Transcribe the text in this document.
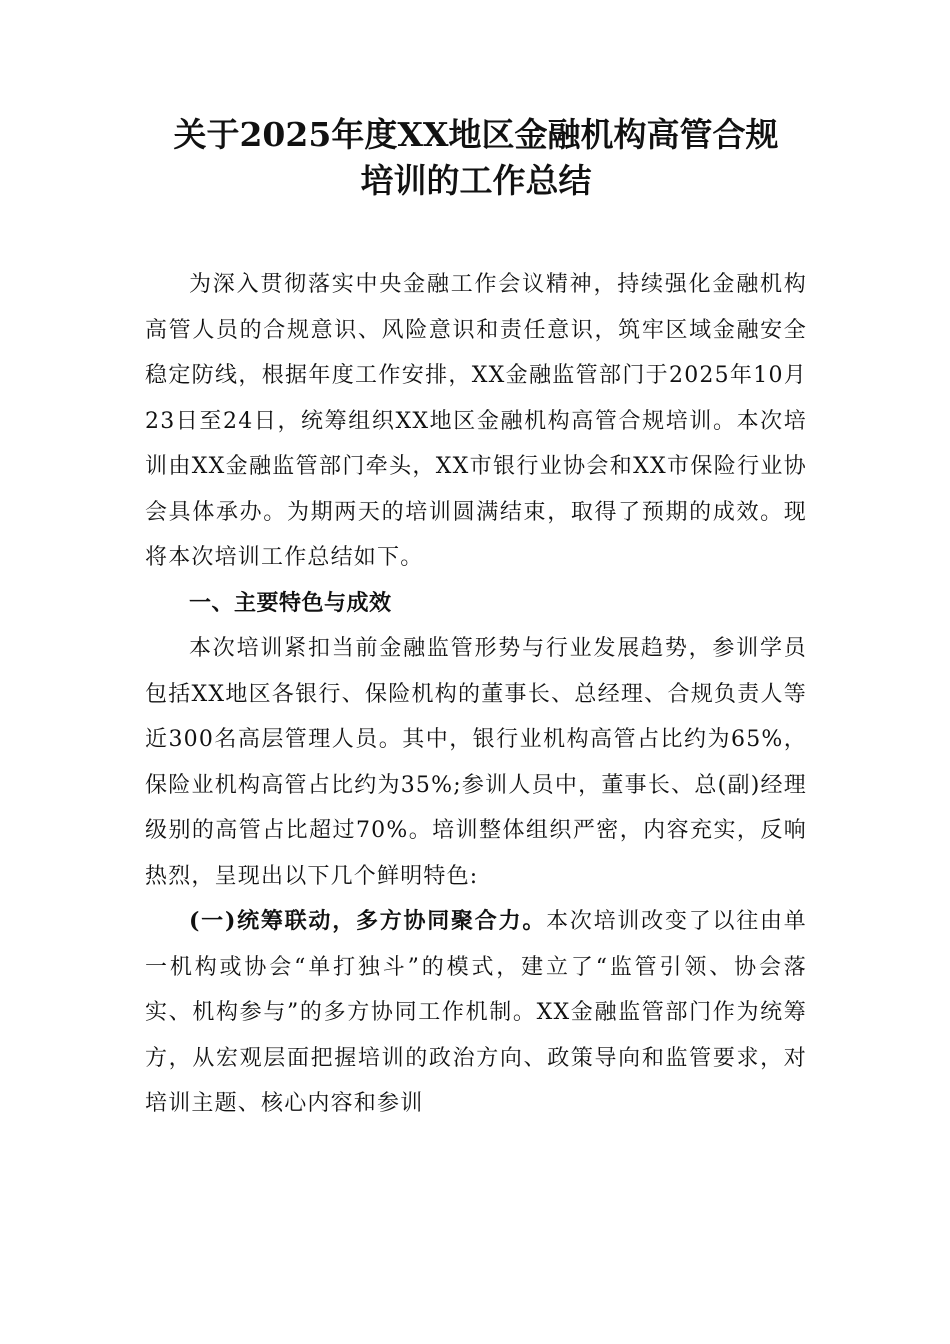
关于2025年度XX地区金融机构高管合规
培训的工作总结

为深入贯彻落实中央金融工作会议精神，持续强化金融机构高管人员的合规意识、风险意识和责任意识，筑牢区域金融安全稳定防线，根据年度工作安排，XX金融监管部门于2025年10月23日至24日，统筹组织XX地区金融机构高管合规培训。本次培训由XX金融监管部门牵头，XX市银行业协会和XX市保险行业协会具体承办。为期两天的培训圆满结束，取得了预期的成效。现将本次培训工作总结如下。

一、主要特色与成效

本次培训紧扣当前金融监管形势与行业发展趋势，参训学员包括XX地区各银行、保险机构的董事长、总经理、合规负责人等近300名高层管理人员。其中，银行业机构高管占比约为65%，保险业机构高管占比约为35%;参训人员中，董事长、总(副)经理级别的高管占比超过70%。培训整体组织严密，内容充实，反响热烈，呈现出以下几个鲜明特色:

(一)统筹联动，多方协同聚合力。本次培训改变了以往由单一机构或协会“单打独斗”的模式，建立了“监管引领、协会落实、机构参与”的多方协同工作机制。XX金融监管部门作为统筹方，从宏观层面把握培训的政治方向、政策导向和监管要求，对培训主题、核心内容和参训
